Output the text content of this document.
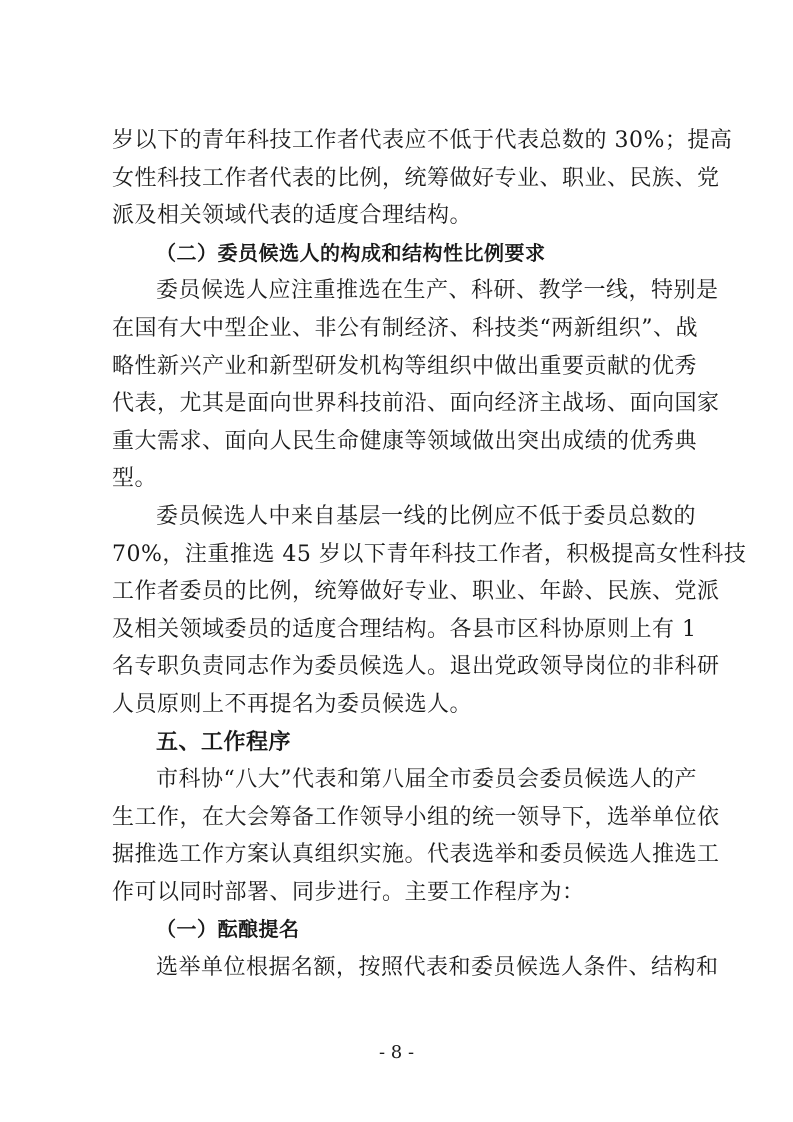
岁以下的青年科技工作者代表应不低于代表总数的 30%；提高
女性科技工作者代表的比例，统筹做好专业、职业、民族、党
派及相关领域代表的适度合理结构。
（二）委员候选人的构成和结构性比例要求
委员候选人应注重推选在生产、科研、教学一线，特别是
在国有大中型企业、非公有制经济、科技类“两新组织”、战
略性新兴产业和新型研发机构等组织中做出重要贡献的优秀
代表，尤其是面向世界科技前沿、面向经济主战场、面向国家
重大需求、面向人民生命健康等领域做出突出成绩的优秀典
型。
委员候选人中来自基层一线的比例应不低于委员总数的
70%，注重推选 45 岁以下青年科技工作者，积极提高女性科技
工作者委员的比例，统筹做好专业、职业、年龄、民族、党派
及相关领域委员的适度合理结构。各县市区科协原则上有 1
名专职负责同志作为委员候选人。退出党政领导岗位的非科研
人员原则上不再提名为委员候选人。
五、工作程序
市科协“八大”代表和第八届全市委员会委员候选人的产
生工作，在大会筹备工作领导小组的统一领导下，选举单位依
据推选工作方案认真组织实施。代表选举和委员候选人推选工
作可以同时部署、同步进行。主要工作程序为：
（一）酝酿提名
选举单位根据名额，按照代表和委员候选人条件、结构和
- 8 -
